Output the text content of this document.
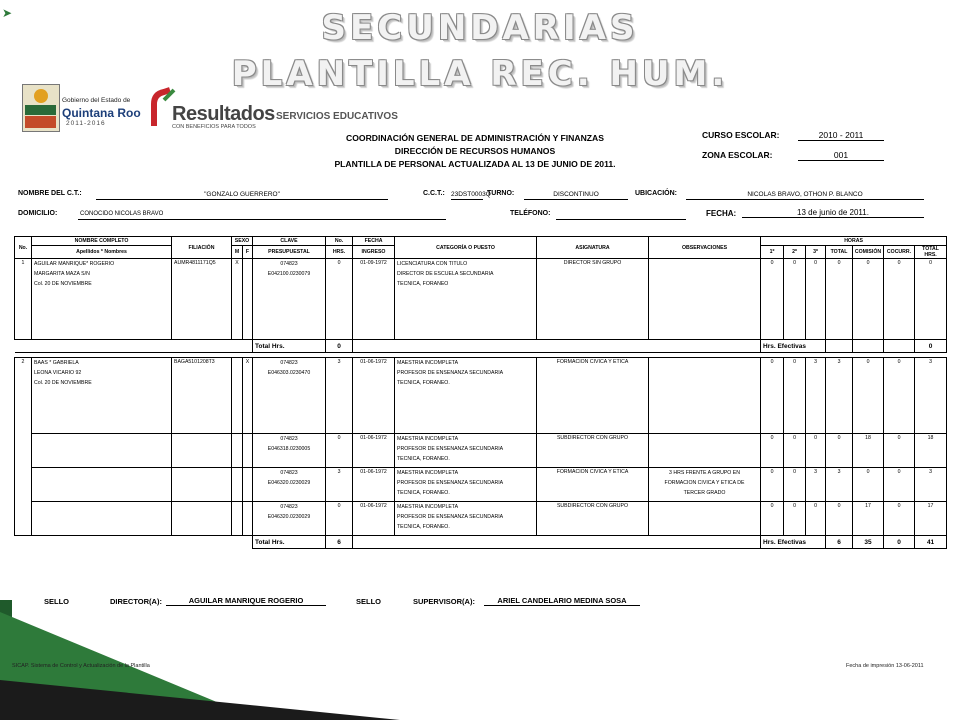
➤	SECUNDARIAS
PLANTILLA REC. HUM.
Gobierno del Estado de
Quintana Roo
2011-2016	Resultados
CON BENEFICIOS PARA TODOS
SERVICIOS EDUCATIVOS
COORDINACIÓN GENERAL DE ADMINISTRACIÓN Y FINANZAS
DIRECCIÓN DE RECURSOS HUMANOS
PLANTILLA DE PERSONAL ACTUALIZADA AL 13 DE JUNIO DE 2011.
CURSO ESCOLAR:	2010 - 2011
ZONA ESCOLAR:	001
NOMBRE DEL C.T.:	"GONZALO GUERRERO"	C.C.T.: 23DST0003Q
TURNO:	DISCONTINUO	UBICACIÓN:	NICOLAS BRAVO, OTHON P. BLANCO
DOMICILIO:	CONOCIDO NICOLAS BRAVO	TELÉFONO:	FECHA:	13 de junio de 2011.
No.	NOMBRE COMPLETO	FILIACIÓN	SEXO		CLAVE	No.	FECHA	CATEGORÍA O PUESTO	ASIGNATURA	OBSERVACIONES	HORAS						
	Apellidos * Nombres		M	F	PRESUPUESTAL	HRS.	INGRESO				1º	2º	3º	TOTAL	COMISIÓN	COCURR.	TOTAL HRS.
1	AGUILAR MANRIQUE* ROGERIO
MARGARITA MAZA S/N
Col. 20 DE NOVIEMBRE	AUMR4811171Q5	X		074823
E042100.0230079	0	01-09-1972	LICENCIATURA CON TITULO
DIRECTOR DE ESCUELA SECUNDARIA
TECNICA, FORANEO	DIRECTOR SIN GRUPO		0	0	0	0	0	0	0
					Total Hrs.	0					Hrs. Efectivas						0

2	BAAS * GABRIELA
LEONA VICARIO 92
Col. 20 DE NOVIEMBRE	BAGA5101208T3		X	074823
E046303.0230470	3	01-06-1972	MAESTRIA INCOMPLETA
PROFESOR DE ENSENANZA SECUNDARIA
TECNICA, FORANEO.	FORMACION CIVICA Y ETICA		0	0	3	3	0	0	3

					074823
E046318.0230005	0	01-06-1972	MAESTRIA INCOMPLETA
PROFESOR DE ENSENANZA SECUNDARIA
TECNICA, FORANEO.	SUBDIRECTOR CON GRUPO		0	0	0	0	18	0	18

					074823
E046320.0230029	3	01-06-1972	MAESTRIA INCOMPLETA
PROFESOR DE ENSENANZA SECUNDARIA
TECNICA, FORANEO.	FORMACION CIVICA Y ETICA	3 HRS FRENTE A GRUPO EN
FORMACION CIVICA Y ETICA DE
TERCER GRADO	0	0	3	3	0	0	3

					074823
E046320.0230029	0	01-06-1972	MAESTRIA INCOMPLETA
PROFESOR DE ENSENANZA SECUNDARIA
TECNICA, FORANEO.	SUBDIRECTOR CON GRUPO		0	0	0	0	17	0	17
					Total Hrs.	6					Hrs. Efectivas			6	35	0	41
SELLO	DIRECTOR(A):	AGUILAR MANRIQUE ROGERIO	SELLO	SUPERVISOR(A):	ARIEL CANDELARIO MEDINA SOSA
SICAP. Sistema de Control y Actualización de la Plantilla	Fecha de impresión 13-06-2011
